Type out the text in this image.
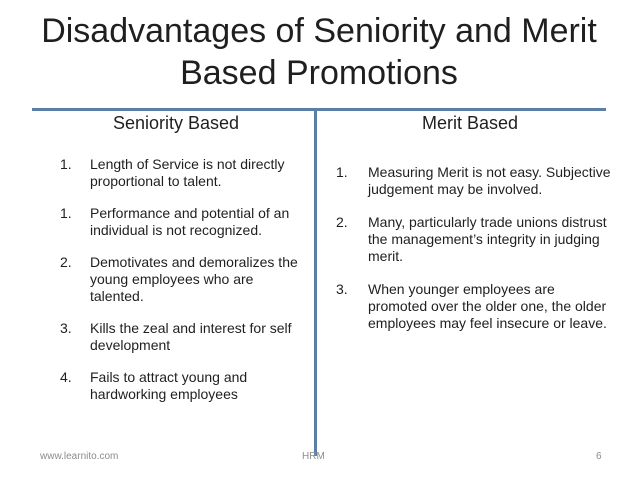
Disadvantages of Seniority and Merit
Based Promotions
Seniority Based	Merit Based
1.	Length of Service is not directly proportional to talent.
1.	Performance and potential of an individual is not recognized.
2.	Demotivates and demoralizes the young employees who are talented.
3.	Kills the zeal and interest for self development
4.	Fails to attract young and hardworking employees
1.	Measuring Merit is not easy. Subjective judgement may be involved.
2.	Many, particularly trade unions distrust the management’s integrity in judging merit.
3.	When younger employees are promoted over the older one, the older employees may feel insecure or leave.
www.learnito.com	HRM	6
